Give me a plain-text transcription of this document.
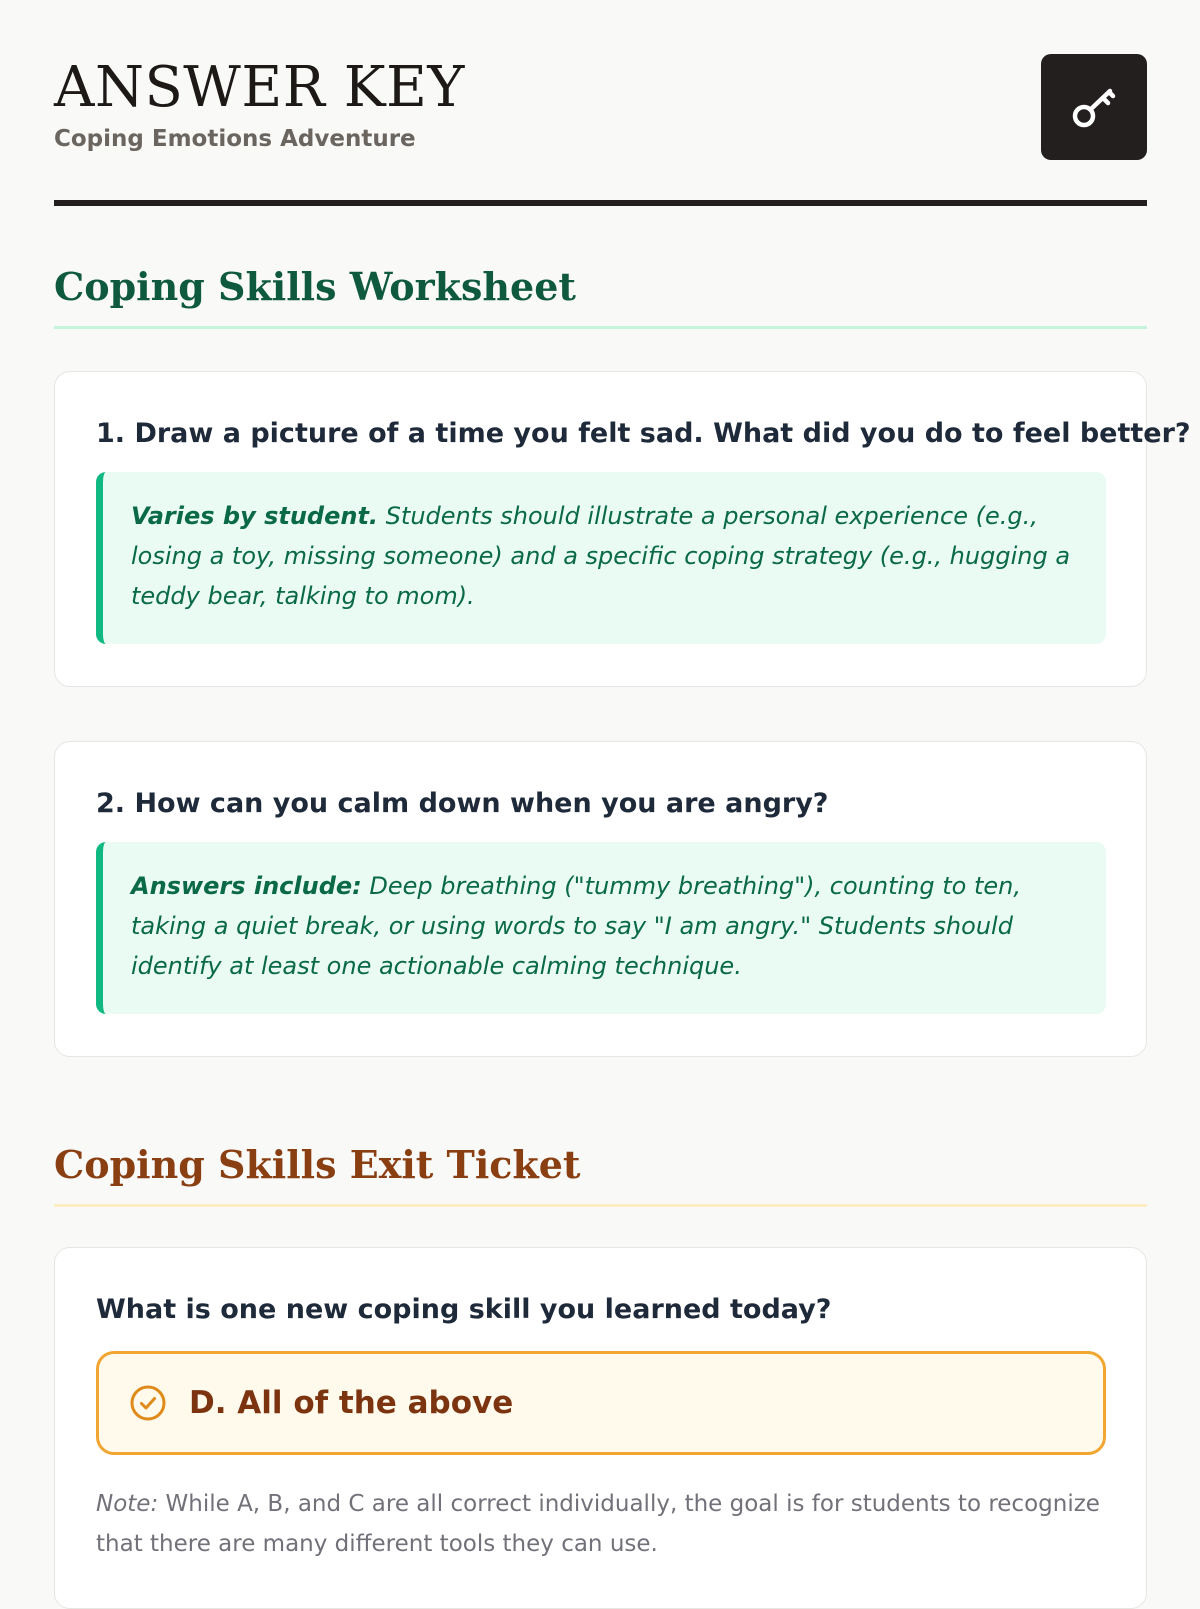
ANSWER KEY
Coping Emotions Adventure
Coping Skills Worksheet
1. Draw a picture of a time you felt sad. What did you do to feel better?
Varies by student. Students should illustrate a personal experience (e.g., losing a toy, missing someone) and a specific coping strategy (e.g., hugging a teddy bear, talking to mom).
2. How can you calm down when you are angry?
Answers include: Deep breathing ("tummy breathing"), counting to ten, taking a quiet break, or using words to say "I am angry." Students should identify at least one actionable calming technique.
Coping Skills Exit Ticket
What is one new coping skill you learned today?
D. All of the above
Note: While A, B, and C are all correct individually, the goal is for students to recognize that there are many different tools they can use.
